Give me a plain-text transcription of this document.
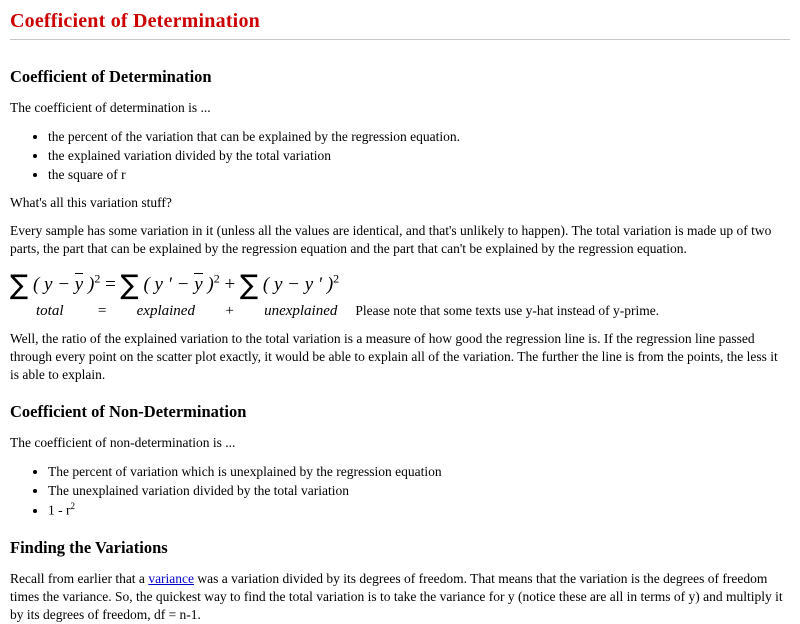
Coefficient of Determination
Coefficient of Determination

The coefficient of determination is ...

• the percent of the variation that can be explained by the regression equation.
• the explained variation divided by the total variation
• the square of r

What's all this variation stuff?

Every sample has some variation in it (unless all the values are identical, and that's unlikely to happen). The total variation is made up of two parts, the part that can be explained by the regression equation and the part that can't be explained by the regression equation.

∑ ( y − y )$^2$ = ∑ ( y ′ − y )$^2$ + ∑ ( y − y ′ )$^2$
total = explained + unexplained	Please note that some texts use y-hat instead of y-prime.

Well, the ratio of the explained variation to the total variation is a measure of how good the regression line is. If the regression line passed through every point on the scatter plot exactly, it would be able to explain all of the variation. The further the line is from the points, the less it is able to explain.

Coefficient of Non-Determination

The coefficient of non-determination is ...

• The percent of variation which is unexplained by the regression equation
• The unexplained variation divided by the total variation
• $1 - r^2$
Finding the Variations

Recall from earlier that a variance was a variation divided by its degrees of freedom. That means that the variation is the degrees of freedom times the variance. So, the quickest way to find the total variation is to take the variance for y (notice these are all in terms of y) and multiply it by its degrees of freedom, df = n-1.
